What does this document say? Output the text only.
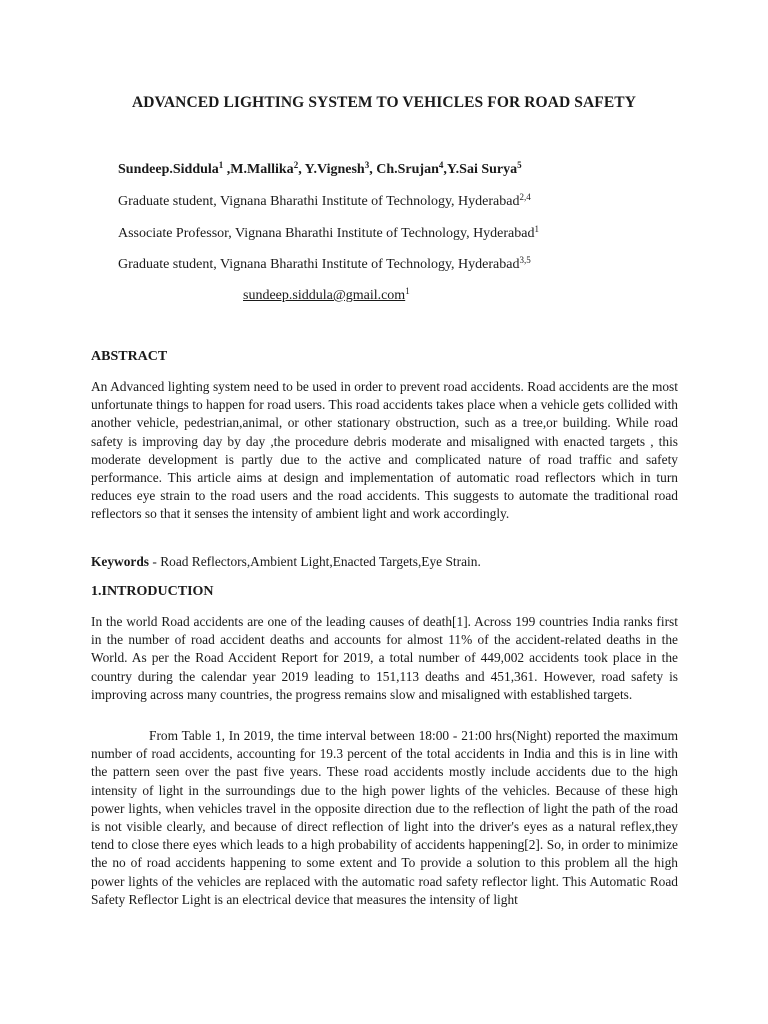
ADVANCED LIGHTING SYSTEM TO VEHICLES FOR ROAD SAFETY
Sundeep.Siddula$^1$ ,M.Mallika$^2$, Y.Vignesh$^3$, Ch.Srujan$^4$,Y.Sai Surya$^5$
Graduate student, Vignana Bharathi Institute of Technology, Hyderabad$^{2,4}$
Associate Professor, Vignana Bharathi Institute of Technology, Hyderabad$^1$
Graduate student, Vignana Bharathi Institute of Technology, Hyderabad$^{3,5}$
sundeep.siddula@gmail.com$^1$
ABSTRACT

An Advanced lighting system need to be used in order to prevent road accidents. Road accidents are the most unfortunate things to happen for road users. This road accidents takes place when a vehicle gets collided with another vehicle, pedestrian,animal, or other stationary obstruction, such as a tree,or building. While road safety is improving day by day ,the procedure debris moderate and misaligned with enacted targets , this moderate development is partly due to the active and complicated nature of road traffic and safety performance. This article aims at design and implementation of automatic road reflectors which in turn reduces eye strain to the road users and the road accidents. This suggests to automate the traditional road reflectors so that it senses the intensity of ambient light and work accordingly.

Keywords - Road Reflectors,Ambient Light,Enacted Targets,Eye Strain.
1.INTRODUCTION

In the world Road accidents are one of the leading causes of death[1]. Across 199 countries India ranks first in the number of road accident deaths and accounts for almost 11% of the accident-related deaths in the World. As per the Road Accident Report for 2019, a total number of 449,002 accidents took place in the country during the calendar year 2019 leading to 151,113 deaths and 451,361. However, road safety is improving across many countries, the progress remains slow and misaligned with established targets.

From Table 1, In 2019, the time interval between 18:00 - 21:00 hrs(Night) reported the maximum number of road accidents, accounting for 19.3 percent of the total accidents in India and this is in line with the pattern seen over the past five years. These road accidents mostly include accidents due to the high intensity of light in the surroundings due to the high power lights of the vehicles. Because of these high power lights, when vehicles travel in the opposite direction due to the reflection of light the path of the road is not visible clearly, and because of direct reflection of light into the driver's eyes as a natural reflex,they tend to close there eyes which leads to a high probability of accidents happening[2]. So, in order to minimize the no of road accidents happening to some extent and To provide a solution to this problem all the high power lights of the vehicles are replaced with the automatic road safety reflector light. This Automatic Road Safety Reflector Light is an electrical device that measures the intensity of light
